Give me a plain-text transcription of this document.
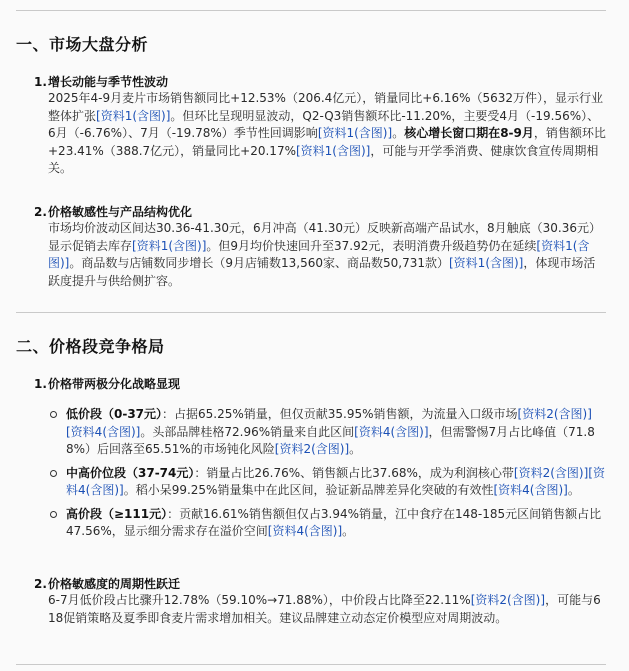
一、市场大盘分析
1.增长动能与季节性波动
2025年4-9月麦片市场销售额同比+12.53%（206.4亿元），销量同比+6.16%（5632万件），显示行业整体扩张[资料1(含图)]。但环比呈现明显波动，Q2-Q3销售额环比-11.20%，主要受4月（-19.56%）、6月（-6.76%）、7月（-19.78%）季节性回调影响[资料1(含图)]。核心增长窗口期在8-9月，销售额环比+23.41%（388.7亿元），销量同比+20.17%[资料1(含图)]，可能与开学季消费、健康饮食宣传周期相关。
2.价格敏感性与产品结构优化
市场均价波动区间达30.36-41.30元，6月冲高（41.30元）反映新高端产品试水，8月触底（30.36元）显示促销去库存[资料1(含图)]。但9月均价快速回升至37.92元，表明消费升级趋势仍在延续[资料1(含图)]。商品数与店铺数同步增长（9月店铺数13,560家、商品数50,731款）[资料1(含图)]，体现市场活跃度提升与供给侧扩容。
二、价格段竞争格局
1.价格带两极分化战略显现
低价段（0-37元）：占据65.25%销量，但仅贡献35.95%销售额，为流量入口级市场[资料2(含图)][资料4(含图)]。头部品牌桂格72.96%销量来自此区间[资料4(含图)]，但需警惕7月占比峰值（71.88%）后回落至65.51%的市场钝化风险[资料2(含图)]。
中高价位段（37-74元）：销量占比26.76%、销售额占比37.68%，成为利润核心带[资料2(含图)][资料4(含图)]。稻小呆99.25%销量集中在此区间，验证新品牌差异化突破的有效性[资料4(含图)]。
高价段（≥111元）：贡献16.61%销售额但仅占3.94%销量，江中食疗在148-185元区间销售额占比47.56%，显示细分需求存在溢价空间[资料4(含图)]。
2.价格敏感度的周期性跃迁
6-7月低价段占比骤升12.78%（59.10%→71.88%），中价段占比降至22.11%[资料2(含图)]，可能与618促销策略及夏季即食麦片需求增加相关。建议品牌建立动态定价模型应对周期波动。
